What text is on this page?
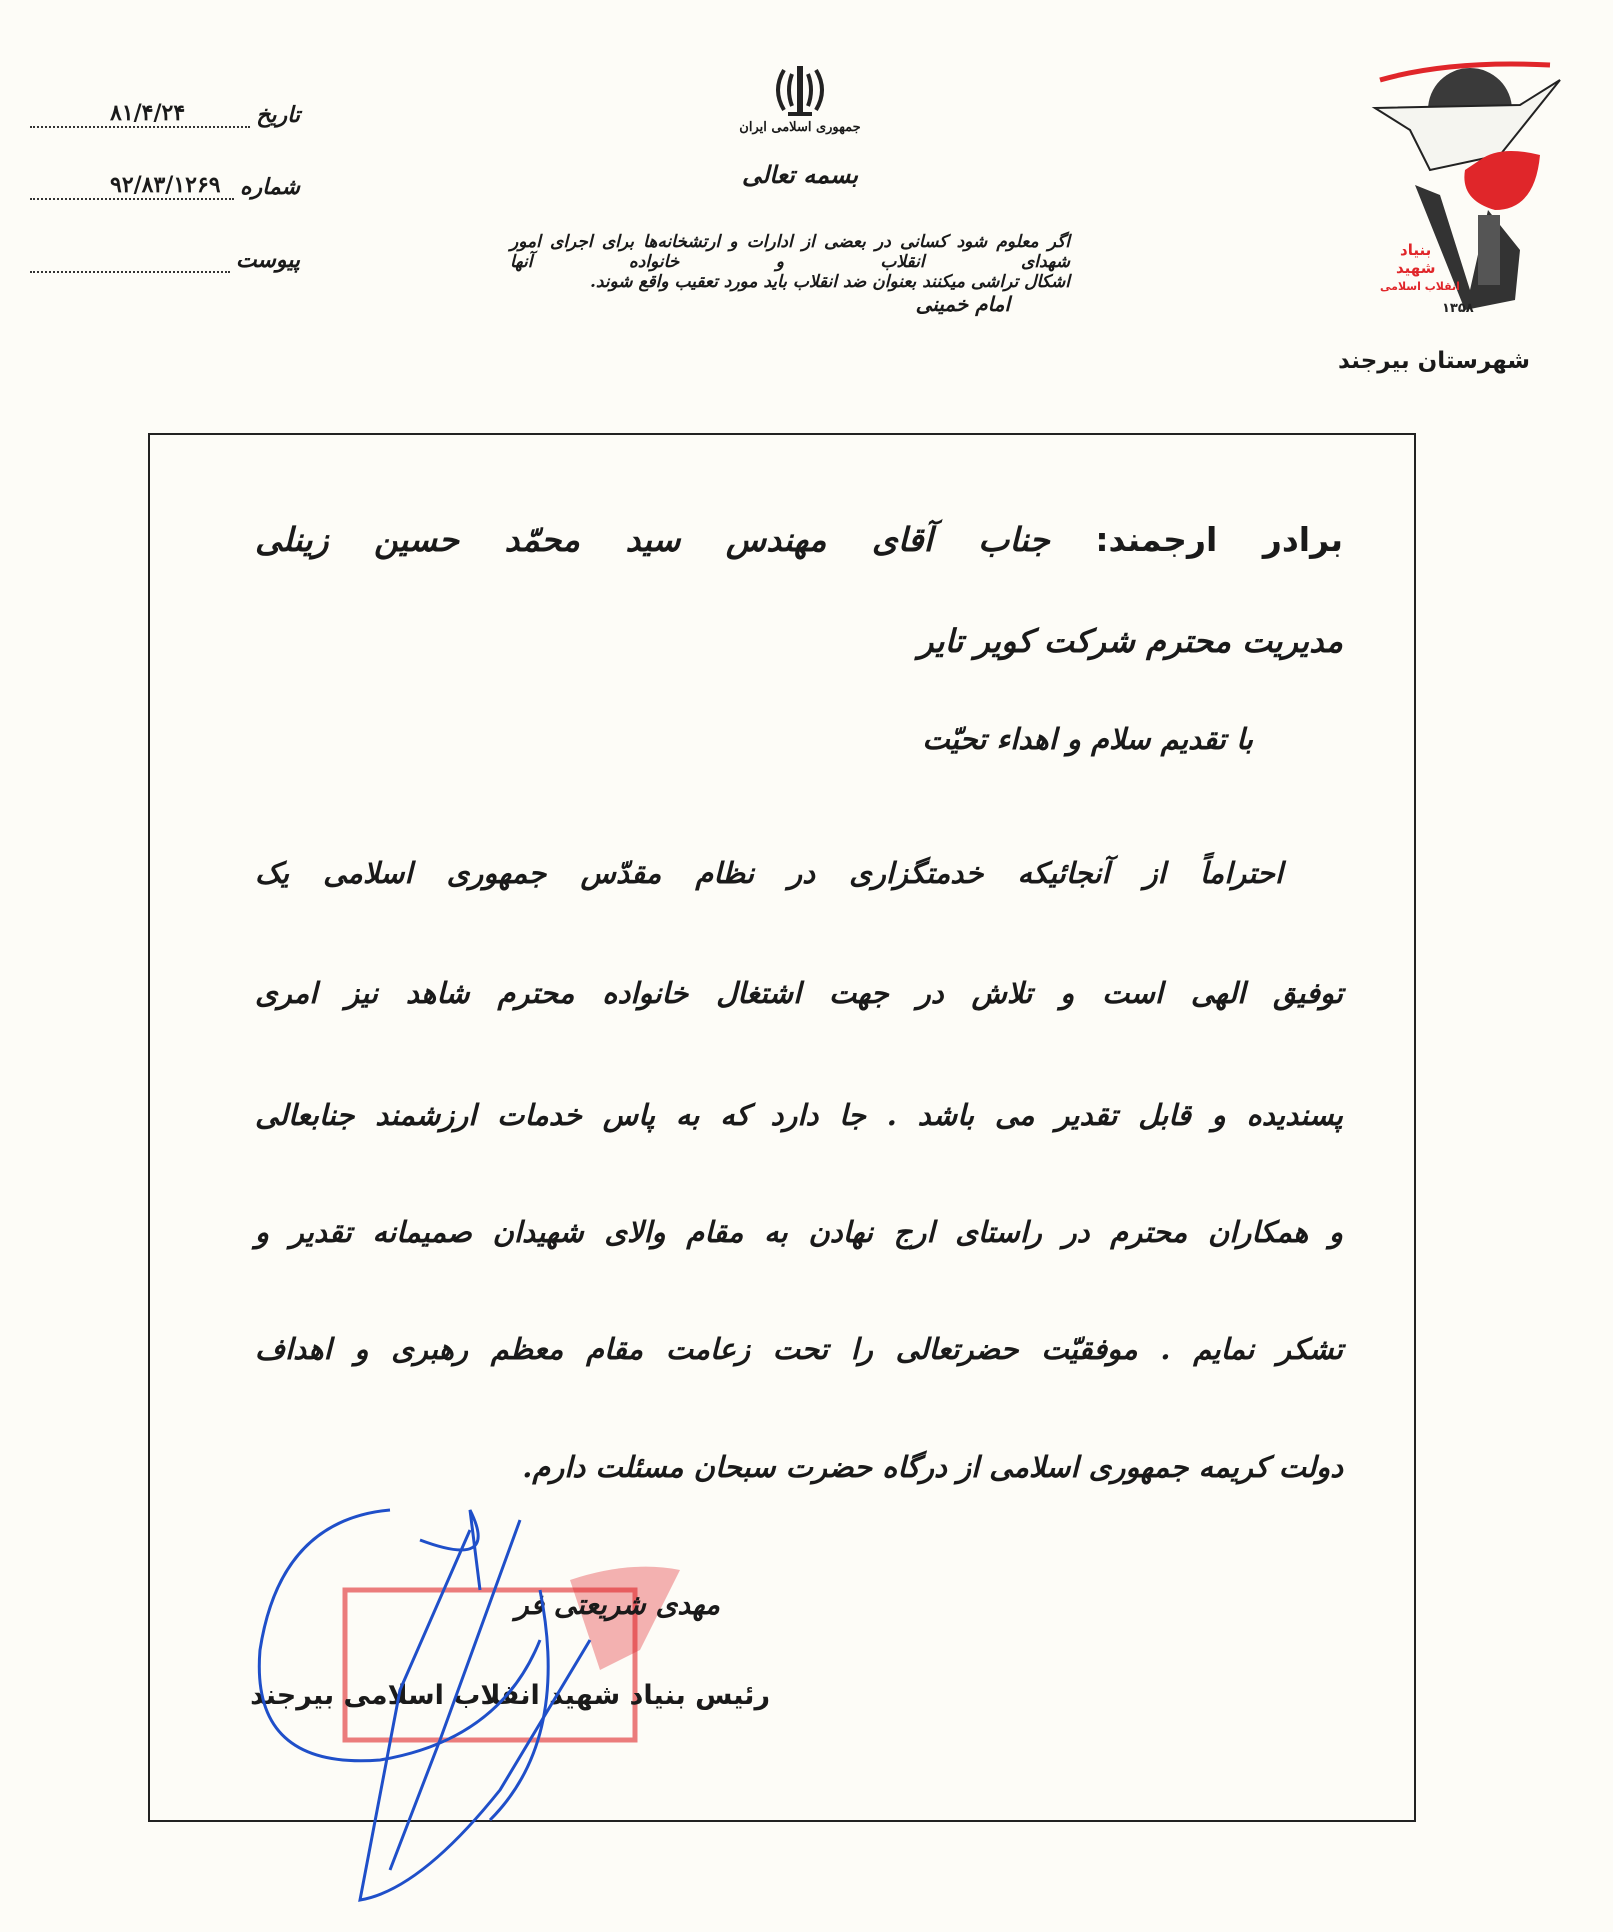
تاریخ
۸۱/۴/۲۴
شماره
۹۲/۸۳/۱۲۶۹
پیوست

جمهوری اسلامی ایران
بسمه تعالی
اگر معلوم شود کسانی در بعضی از ادارات و ارتشخانه‌ها برای اجرای امور شهدای انقلاب و خانواده آنها
اشکال تراشی میکنند بعنوان ضد انقلاب باید مورد تعقیب واقع شوند. امام خمینی
بنیاد
شهید
انقلاب اسلامی
۱۳۵۸
شهرستان بیرجند
برادر ارجمند: جناب آقای مهندس سید محمّد حسین زینلی
مدیریت محترم شرکت کویر تایر
با تقدیم سلام و اهداء تحیّت
احتراماً از آنجائیکه خدمتگزاری در نظام مقدّس جمهوری اسلامی یک
توفیق الهی است و تلاش در جهت اشتغال خانواده محترم شاهد نیز امری
پسندیده و قابل تقدیر می باشد . جا دارد که به پاس خدمات ارزشمند جنابعالی
و همکاران محترم در راستای ارج نهادن به مقام والای شهیدان صمیمانه تقدیر و
تشکر نمایم . موفقیّت حضرتعالی را تحت زعامت مقام معظم رهبری و اهداف
دولت کریمه جمهوری اسلامی از درگاه حضرت سبحان مسئلت دارم.
مهدی شریعتی فر
رئیس بنیاد شهید انقلاب اسلامی بیرجند
